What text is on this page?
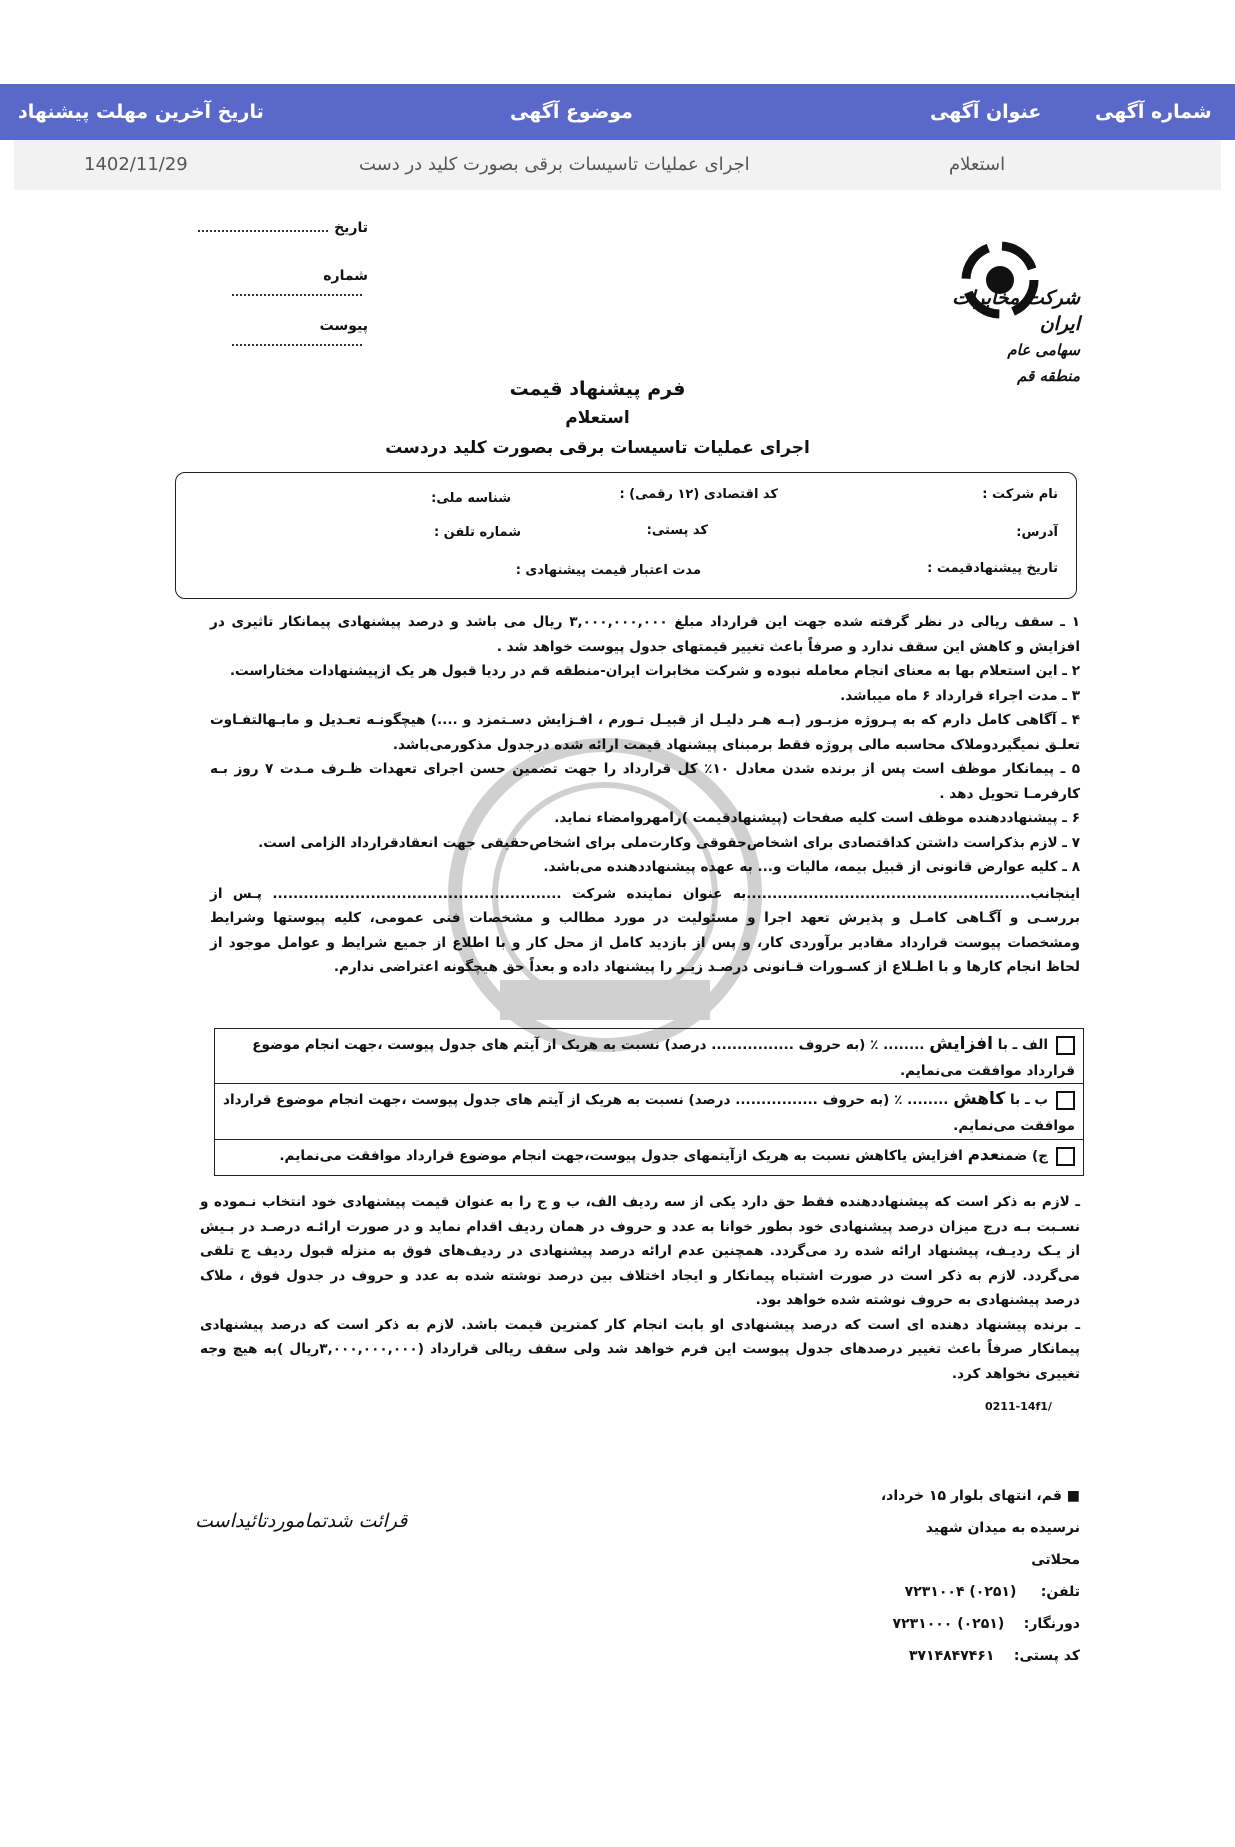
شماره آگهی
عنوان آگهی
موضوع آگهی
تاریخ آخرین مهلت پیشنهاد
استعلام
اجرای عملیات تاسیسات برقی بصورت کلید در دست
1402/11/29
شرکت مخابرات ایران
سهامی عام
منطقه قم
تاریخ
شماره
پیوست
فرم پیشنهاد قیمت
استعلام
اجرای عملیات تاسیسات برقی بصورت کلید دردست
نام شرکت :
کد اقتصادی (۱۲ رقمی) :
شناسه ملی:
آدرس:
کد پستی:
شماره تلفن :
تاریخ پیشنهادقیمت :
مدت اعتبار قیمت پیشنهادی :

۱ ـ سقف ریالی در نظر گرفته شده جهت این قرارداد مبلغ ۳,۰۰۰,۰۰۰,۰۰۰ ریال می باشد و درصد پیشنهادی پیمانکار تاثیری در افزایش و کاهش این سقف ندارد و صرفاً باعث تغییر قیمتهای جدول پیوست خواهد شد .

۲ ـ این استعلام بها به معنای انجام معامله نبوده و شرکت مخابرات ایران-منطقه قم در ردیا قبول هر یک ازپیشنهادات مختاراست.

۳ ـ مدت اجراء قرارداد ۶ ماه میباشد.

۴ ـ آگاهی کامل دارم که به پـروژه مزبـور (بـه هـر دلیـل از قبیـل تـورم ، افـزایش دسـتمزد و ....) هیچگونـه تعـدیل و مابـهالتفـاوت تعلـق نمیگیردوملاک محاسبه مالی پروژه فقط برمبنای پیشنهاد قیمت ارائه شده درجدول مذکورمی‌باشد.

۵ ـ پیمانکار موظف است پس از برنده شدن معادل ۱۰٪ کل قرارداد را جهت تضمین حسن اجرای تعهدات ظـرف مـدت ۷ روز بـه کارفرمـا تحویل دهد .

۶ ـ پیشنهاددهنده موظف است کلیه صفحات (پیشنهادقیمت )رامهروامضاء نماید.

۷ ـ لازم بذکراست داشتن کداقتصادی برای اشخاص‌حقوقی وکارت‌ملی برای اشخاص‌حقیقی جهت انعقادقرارداد الزامی است.

۸ ـ کلیه عوارض قانونی از قبیل بیمه، مالیات و... به عهده پیشنهاددهنده می‌باشد.

اینجانب.......................................................به عنوان نماینده شرکت ........................................................ پـس از بررسـی و آگـاهی کامـل و پذیرش تعهد اجرا و مسئولیت در مورد مطالب و مشخصات فنی عمومی، کلیه پیوستها وشرایط ومشخصات پیوست قرارداد مقادیر برآوردی کار، و پس از بازدید کامل از محل کار و با اطلاع از جمیع شرایط و عوامل موجود از لحاظ انجام کارها و با اطـلاع از کسـورات قـانونی درصـد زیـر را پیشنهاد داده و بعداً حق هیچگونه اعتراضی ندارم.

الف ـ با افزایش ........ ٪ (به حروف ................ درصد) نسبت به هریک از آیتم های جدول پیوست ،جهت انجام موضوع قرارداد موافقت می‌نمایم.
ب ـ با کاهش ........ ٪ (به حروف ................ درصد) نسبت به هریک از آیتم های جدول پیوست ،جهت انجام موضوع قرارداد موافقت می‌نمایم.
ج) ضمنعدم افزایش یاکاهش نسبت به هریک ازآیتمهای جدول پیوست،جهت انجام موضوع قرارداد موافقت می‌نمایم.

ـ لازم به ذکر است که پیشنهاددهنده فقط حق دارد یکی از سه ردیف الف، ب و ج را به عنوان قیمت پیشنهادی خود انتخاب نـموده و نسـبت بـه درج میزان درصد پیشنهادی خود بطور خوانا به عدد و حروف در همان ردیف اقدام نماید و در صورت ارائـه درصـد در بـیش از یـک ردیـف، پیشنهاد ارائه شده رد می‌گردد. همچنین عدم ارائه درصد پیشنهادی در ردیف‌های فوق به منزله قبول ردیف ج تلقی می‌گردد. لازم به ذکر است در صورت اشتباه پیمانکار و ایجاد اختلاف بین درصد نوشته شده به عدد و حروف در جدول فوق ، ملاک درصد پیشنهادی به حروف نوشته شده خواهد بود.

ـ برنده پیشنهاد دهنده ای است که درصد پیشنهادی او بابت انجام کار کمترین قیمت باشد. لازم به ذکر است که درصد پیشنهادی پیمانکار صرفاً باعث تغییر درصدهای جدول پیوست این فرم خواهد شد ولی سقف ریالی قرارداد (۳,۰۰۰,۰۰۰,۰۰۰ریال )به هیچ وجه تغییری نخواهد کرد.

0211-14f1/
قرائت شدتماموردتائیداست
■ قم، انتهای بلوار ۱۵ خرداد،
نرسیده به میدان شهید محلاتی
تلفن:     (۰۲۵۱) ۷۲۳۱۰۰۴
دورنگار:    (۰۲۵۱) ۷۲۳۱۰۰۰
کد پستی:    ۳۷۱۴۸۴۷۴۶۱
